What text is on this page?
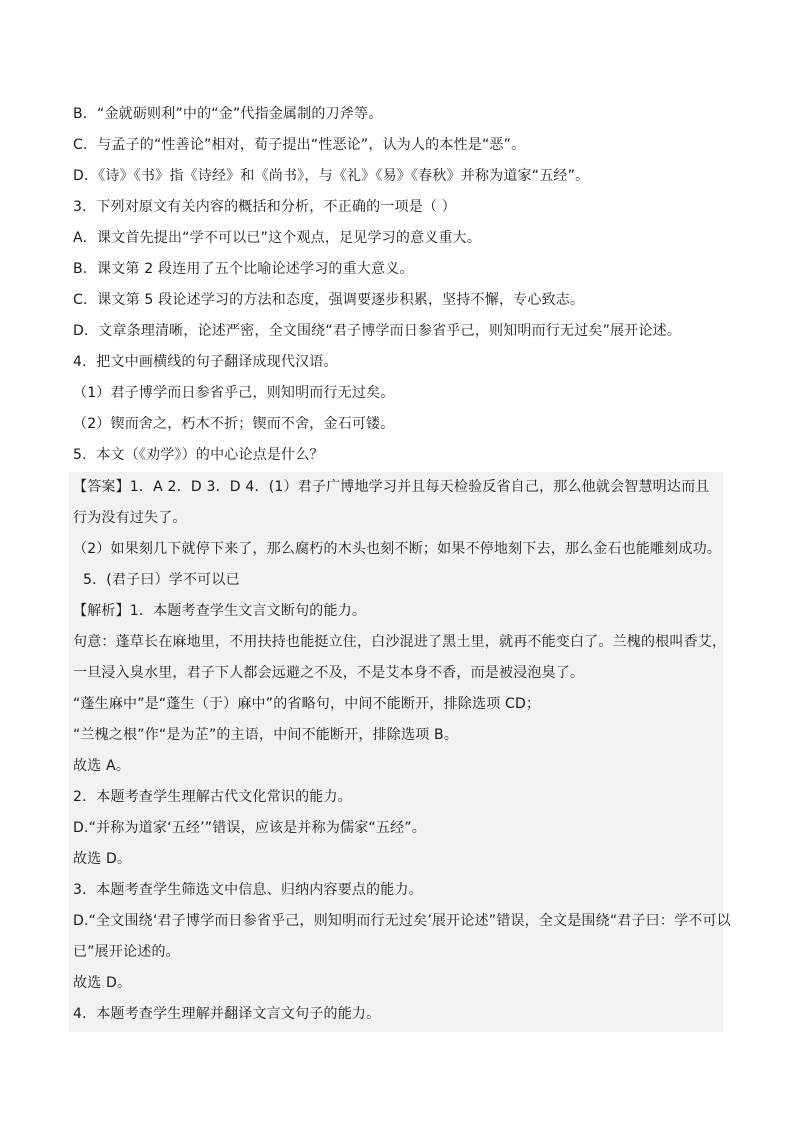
B．“金就砺则利”中的“金”代指金属制的刀斧等。
C．与孟子的“性善论”相对，荀子提出“性恶论”，认为人的本性是“恶”。
D．《诗》《书》指《诗经》和《尚书》，与《礼》《易》《春秋》并称为道家“五经”。
3．下列对原文有关内容的概括和分析，不正确的一项是（ ）
A．课文首先提出“学不可以已”这个观点，足见学习的意义重大。
B．课文第 2 段连用了五个比喻论述学习的重大意义。
C．课文第 5 段论述学习的方法和态度，强调要逐步积累，坚持不懈，专心致志。
D．文章条理清晰，论述严密，全文围绕“君子博学而日参省乎己，则知明而行无过矣”展开论述。
4．把文中画横线的句子翻译成现代汉语。
（1）君子博学而日参省乎己，则知明而行无过矣。
（2）锲而舍之，朽木不折；锲而不舍，金石可镂。
5．本文（《劝学》）的中心论点是什么？
【答案】1．A 2．D 3．D 4．(1）君子广博地学习并且每天检验反省自己，那么他就会智慧明达而且
行为没有过失了。
（2）如果刻几下就停下来了，那么腐朽的木头也刻不断；如果不停地刻下去，那么金石也能雕刻成功。
5．(君子曰）学不可以已
【解析】1．本题考查学生文言文断句的能力。
句意：蓬草长在麻地里，不用扶持也能挺立住，白沙混进了黑土里，就再不能变白了。兰槐的根叫香艾，
一旦浸入臭水里，君子下人都会远避之不及，不是艾本身不香，而是被浸泡臭了。
“蓬生麻中”是“蓬生（于）麻中”的省略句，中间不能断开，排除选项 CD；
“兰槐之根”作“是为芷”的主语，中间不能断开，排除选项 B。
故选 A。
2．本题考查学生理解古代文化常识的能力。
D.“并称为道家‘五经’”错误，应该是并称为儒家“五经”。
故选 D。
3．本题考查学生筛选文中信息、归纳内容要点的能力。
D.“全文围绕‘君子博学而日参省乎己，则知明而行无过矣’展开论述”错误，全文是围绕“君子曰：学不可以
已”展开论述的。
故选 D。
4．本题考查学生理解并翻译文言文句子的能力。
